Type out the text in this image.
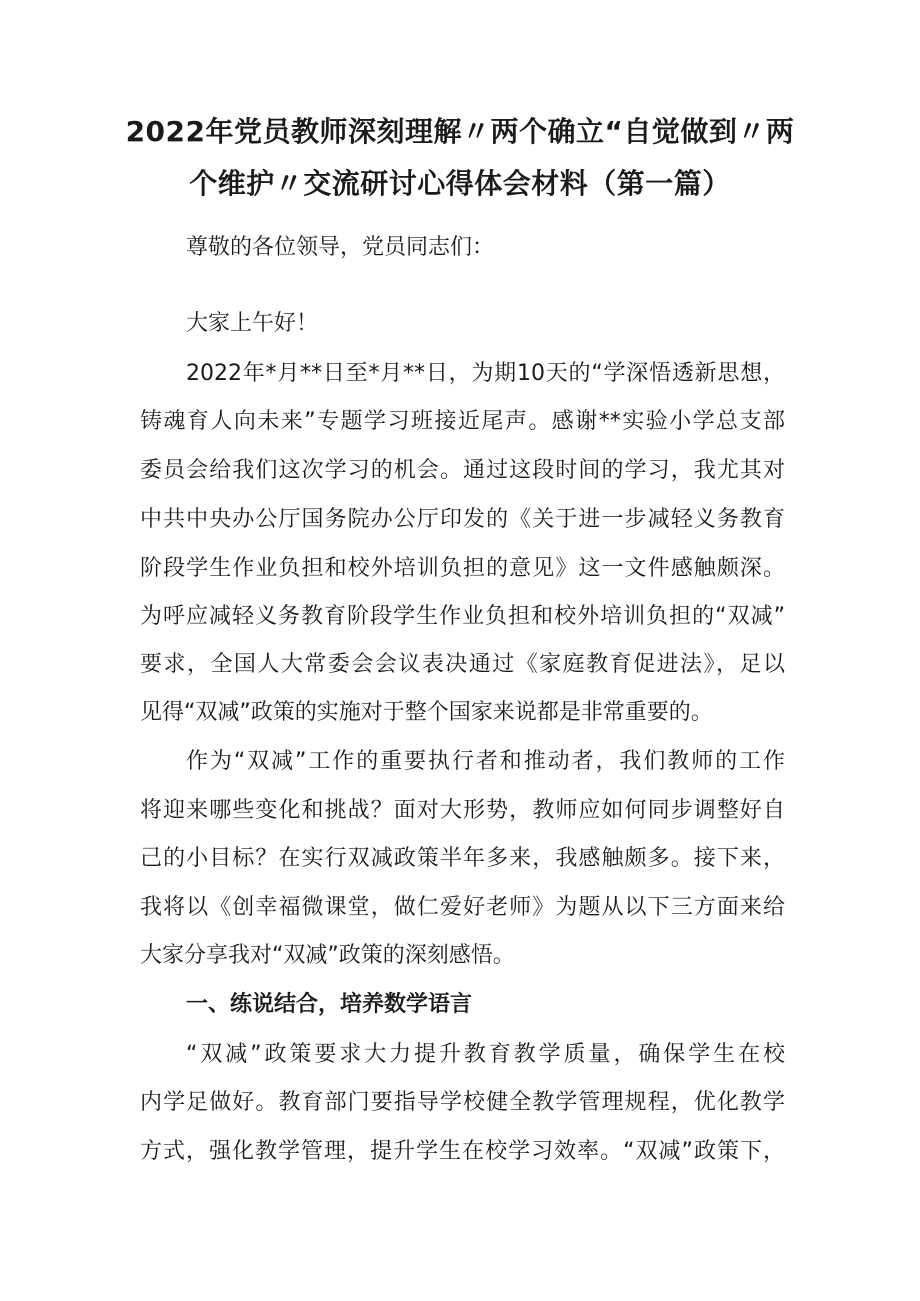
2022年党员教师深刻理解〃两个确立“自觉做到〃两
个维护〃交流研讨心得体会材料（第一篇）

尊敬的各位领导，党员同志们：

大家上午好！

2022年*月**日至*月**日，为期10天的“学深悟透新思想，

铸魂育人向未来”专题学习班接近尾声。感谢**实验小学总支部

委员会给我们这次学习的机会。通过这段时间的学习，我尤其对

中共中央办公厅国务院办公厅印发的《关于进一步减轻义务教育

阶段学生作业负担和校外培训负担的意见》这一文件感触颇深。

为呼应减轻义务教育阶段学生作业负担和校外培训负担的“双减”

要求，全国人大常委会会议表决通过《家庭教育促进法》，足以

见得“双减”政策的实施对于整个国家来说都是非常重要的。

作为“双减”工作的重要执行者和推动者，我们教师的工作

将迎来哪些变化和挑战？面对大形势，教师应如何同步调整好自

己的小目标？在实行双减政策半年多来，我感触颇多。接下来，

我将以《创幸福微课堂，做仁爱好老师》为题从以下三方面来给

大家分享我对“双减”政策的深刻感悟。

一、练说结合，培养数学语言

“双减”政策要求大力提升教育教学质量，确保学生在校

内学足做好。教育部门要指导学校健全教学管理规程，优化教学

方式，强化教学管理，提升学生在校学习效率。“双减”政策下，
